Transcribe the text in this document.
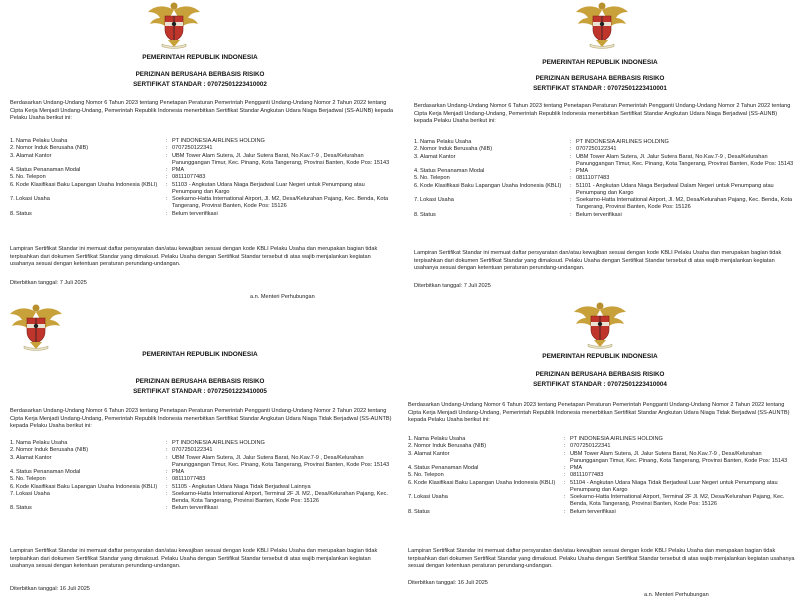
PEMERINTAH REPUBLIK INDONESIA
PERIZINAN BERUSAHA BERBASIS RISIKO
SERTIFIKAT STANDAR : 07072501223410002
Berdasarkan Undang-Undang Nomor 6 Tahun 2023 tentang Penetapan Peraturan Pemerintah Pengganti Undang-Undang Nomor 2 Tahun 2022 tentang Cipta Kerja Menjadi Undang-Undang, Pemerintah Republik Indonesia menerbitkan Sertifikat Standar Angkutan Udara Niaga Berjadwal (SS-AUNB) kepada Pelaku Usaha berikut ini:
1. Nama Pelaku Usaha	: PT INDONESIA AIRLINES HOLDING
2. Nomor Induk Berusaha (NIB)	: 0707250122341
3. Alamat Kantor	: UBM Tower Alam Sutera, Jl. Jalur Sutera Barat, No.Kav.7-9 , Desa/Kelurahan Panunggangan Timur, Kec. Pinang, Kota Tangerang, Provinsi Banten, Kode Pos: 15143
4. Status Penanaman Modal	: PMA
5. No. Telepon	: 08111077483
6. Kode Klasifikasi Baku Lapangan Usaha Indonesia (KBLI)	: 51103 - Angkutan Udara Niaga Berjadwal Luar Negeri untuk Penumpang atau Penumpang dan Kargo
7. Lokasi Usaha	: Soekarno-Hatta International Airport, Jl. M2, Desa/Kelurahan Pajang, Kec. Benda, Kota Tangerang, Provinsi Banten, Kode Pos: 15126
8. Status	: Belum terverifikasi
Lampiran Sertifikat Standar ini memuat daftar persyaratan dan/atau kewajiban sesuai dengan kode KBLI Pelaku Usaha dan merupakan bagian tidak terpisahkan dari dokumen Sertifikat Standar yang dimaksud. Pelaku Usaha dengan Sertifikat Standar tersebut di atas wajib menjalankan kegiatan usahanya sesuai dengan ketentuan peraturan perundang-undangan.
Diterbitkan tanggal: 7 Juli 2025
a.n. Menteri Perhubungan
PEMERINTAH REPUBLIK INDONESIA
PERIZINAN BERUSAHA BERBASIS RISIKO
SERTIFIKAT STANDAR : 07072501223410001
Berdasarkan Undang-Undang Nomor 6 Tahun 2023 tentang Penetapan Peraturan Pemerintah Pengganti Undang-Undang Nomor 2 Tahun 2022 tentang Cipta Kerja Menjadi Undang-Undang, Pemerintah Republik Indonesia menerbitkan Sertifikat Standar Angkutan Udara Niaga Berjadwal (SS-AUNB) kepada Pelaku Usaha berikut ini:
1. Nama Pelaku Usaha	: PT INDONESIA AIRLINES HOLDING
2. Nomor Induk Berusaha (NIB)	: 0707250122341
3. Alamat Kantor	: UBM Tower Alam Sutera, Jl. Jalur Sutera Barat, No.Kav.7-9 , Desa/Kelurahan Panunggangan Timur, Kec. Pinang, Kota Tangerang, Provinsi Banten, Kode Pos: 15143
4. Status Penanaman Modal	: PMA
5. No. Telepon	: 08111077483
6. Kode Klasifikasi Baku Lapangan Usaha Indonesia (KBLI)	: 51101 - Angkutan Udara Niaga Berjadwal Dalam Negeri untuk Penumpang atau Penumpang dan Kargo
7. Lokasi Usaha	: Soekarno-Hatta International Airport, Jl. M2, Desa/Kelurahan Pajang, Kec. Benda, Kota Tangerang, Provinsi Banten, Kode Pos: 15126
8. Status	: Belum terverifikasi
Lampiran Sertifikat Standar ini memuat daftar persyaratan dan/atau kewajiban sesuai dengan kode KBLI Pelaku Usaha dan merupakan bagian tidak terpisahkan dari dokumen Sertifikat Standar yang dimaksud. Pelaku Usaha dengan Sertifikat Standar tersebut di atas wajib menjalankan kegiatan usahanya sesuai dengan ketentuan peraturan perundang-undangan.
Diterbitkan tanggal: 7 Juli 2025
PEMERINTAH REPUBLIK INDONESIA
PERIZINAN BERUSAHA BERBASIS RISIKO
SERTIFIKAT STANDAR : 07072501223410005
Berdasarkan Undang-Undang Nomor 6 Tahun 2023 tentang Penetapan Peraturan Pemerintah Pengganti Undang-Undang Nomor 2 Tahun 2022 tentang Cipta Kerja Menjadi Undang-Undang, Pemerintah Republik Indonesia menerbitkan Sertifikat Standar Angkutan Udara Niaga Tidak Berjadwal (SS-AUNTB) kepada Pelaku Usaha berikut ini:
1. Nama Pelaku Usaha	: PT INDONESIA AIRLINES HOLDING
2. Nomor Induk Berusaha (NIB)	: 0707250122341
3. Alamat Kantor	: UBM Tower Alam Sutera, Jl. Jalur Sutera Barat, No.Kav.7-9 , Desa/Kelurahan Panunggangan Timur, Kec. Pinang, Kota Tangerang, Provinsi Banten, Kode Pos: 15143
4. Status Penanaman Modal	: PMA
5. No. Telepon	: 08111077483
6. Kode Klasifikasi Baku Lapangan Usaha Indonesia (KBLI)	: 51105 - Angkutan Udara Niaga Tidak Berjadwal Lainnya
7. Lokasi Usaha	: Soekarno-Hatta International Airport, Terminal 2F Jl. M2., Desa/Kelurahan Pajang, Kec. Benda, Kota Tangerang, Provinsi Banten, Kode Pos: 15126
8. Status	: Belum terverifikasi
Lampiran Sertifikat Standar ini memuat daftar persyaratan dan/atau kewajiban sesuai dengan kode KBLI Pelaku Usaha dan merupakan bagian tidak terpisahkan dari dokumen Sertifikat Standar yang dimaksud. Pelaku Usaha dengan Sertifikat Standar tersebut di atas wajib menjalankan kegiatan usahanya sesuai dengan ketentuan peraturan perundang-undangan.
Diterbitkan tanggal: 16 Juli 2025
PEMERINTAH REPUBLIK INDONESIA
PERIZINAN BERUSAHA BERBASIS RISIKO
SERTIFIKAT STANDAR : 07072501223410004
Berdasarkan Undang-Undang Nomor 6 Tahun 2023 tentang Penetapan Peraturan Pemerintah Pengganti Undang-Undang Nomor 2 Tahun 2022 tentang Cipta Kerja Menjadi Undang-Undang, Pemerintah Republik Indonesia menerbitkan Sertifikat Standar Angkutan Udara Niaga Tidak Berjadwal (SS-AUNTB) kepada Pelaku Usaha berikut ini:
1. Nama Pelaku Usaha	: PT INDONESIA AIRLINES HOLDING
2. Nomor Induk Berusaha (NIB)	: 0707250122341
3. Alamat Kantor	: UBM Tower Alam Sutera, Jl. Jalur Sutera Barat, No.Kav.7-9 , Desa/Kelurahan Panunggangan Timur, Kec. Pinang, Kota Tangerang, Provinsi Banten, Kode Pos: 15143
4. Status Penanaman Modal	: PMA
5. No. Telepon	: 08111077483
6. Kode Klasifikasi Baku Lapangan Usaha Indonesia (KBLI)	: 51104 - Angkutan Udara Niaga Tidak Berjadwal Luar Negeri untuk Penumpang atau Penumpang dan Kargo
7. Lokasi Usaha	: Soekarno-Hatta International Airport, Terminal 2F Jl. M2, Desa/Kelurahan Pajang, Kec. Benda, Kota Tangerang, Provinsi Banten, Kode Pos: 15126
8. Status	: Belum terverifikasi
Lampiran Sertifikat Standar ini memuat daftar persyaratan dan/atau kewajiban sesuai dengan kode KBLI Pelaku Usaha dan merupakan bagian tidak terpisahkan dari dokumen Sertifikat Standar yang dimaksud. Pelaku Usaha dengan Sertifikat Standar tersebut di atas wajib menjalankan kegiatan usahanya sesuai dengan ketentuan peraturan perundang-undangan.
Diterbitkan tanggal: 16 Juli 2025
a.n. Menteri Perhubungan
